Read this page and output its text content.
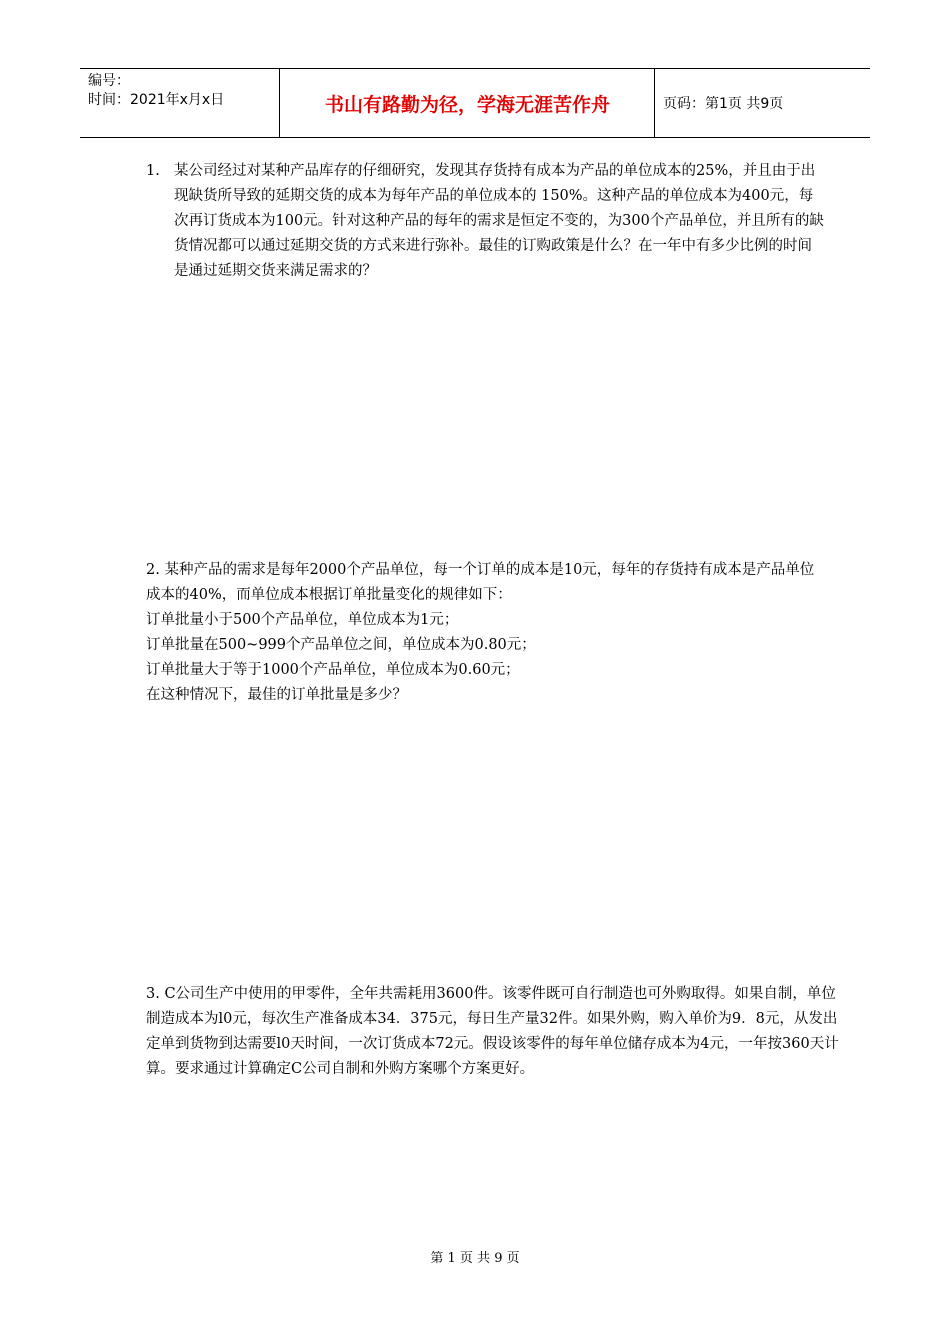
编号：
时间：2021年x月x日	书山有路勤为径，学海无涯苦作舟	页码：第1页 共9页
1. 某公司经过对某种产品库存的仔细研究，发现其存货持有成本为产品的单位成本的25%，并且由于出现缺货所导致的延期交货的成本为每年产品的单位成本的 150%。这种产品的单位成本为400元，每次再订货成本为100元。针对这种产品的每年的需求是恒定不变的，为300个产品单位，并且所有的缺货情况都可以通过延期交货的方式来进行弥补。最佳的订购政策是什么？在一年中有多少比例的时间是通过延期交货来满足需求的？

2. 某种产品的需求是每年2000个产品单位，每一个订单的成本是10元，每年的存货持有成本是产品单位成本的40%，而单位成本根据订单批量变化的规律如下：

订单批量小于500个产品单位，单位成本为1元；

订单批量在500~999个产品单位之间，单位成本为0.80元；

订单批量大于等于1000个产品单位，单位成本为0.60元；

在这种情况下，最佳的订单批量是多少？

3. C公司生产中使用的甲零件，全年共需耗用3600件。该零件既可自行制造也可外购取得。如果自制，单位制造成本为l0元，每次生产准备成本34．375元，每日生产量32件。如果外购，购入单价为9．8元，从发出定单到货物到达需要l0天时间，一次订货成本72元。假设该零件的每年单位储存成本为4元，一年按360天计算。要求通过计算确定C公司自制和外购方案哪个方案更好。

第 1 页 共 9 页
